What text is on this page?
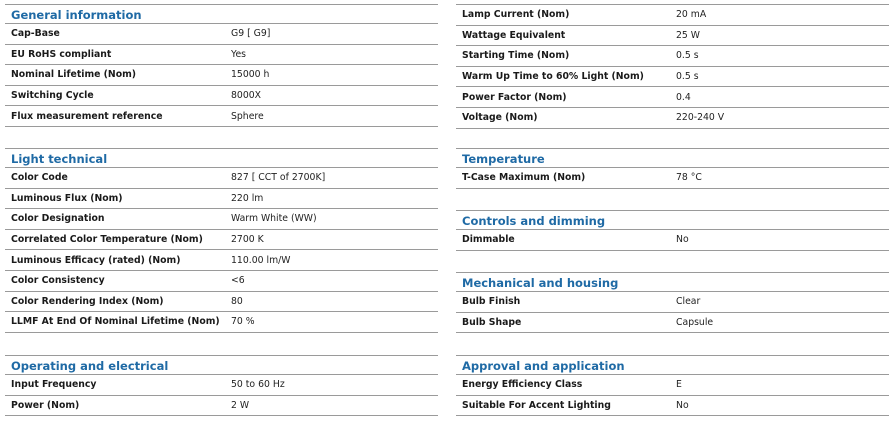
General information
Cap-Base	G9 [ G9]
EU RoHS compliant	Yes
Nominal Lifetime (Nom)	15000 h
Switching Cycle	8000X
Flux measurement reference	Sphere
Light technical
Color Code	827 [ CCT of 2700K]
Luminous Flux (Nom)	220 lm
Color Designation	Warm White (WW)
Correlated Color Temperature (Nom)	2700 K
Luminous Efficacy (rated) (Nom)	110.00 lm/W
Color Consistency	<6
Color Rendering Index (Nom)	80
LLMF At End Of Nominal Lifetime (Nom)	70 %
Operating and electrical
Input Frequency	50 to 60 Hz
Power (Nom)	2 W
Lamp Current (Nom)	20 mA
Wattage Equivalent	25 W
Starting Time (Nom)	0.5 s
Warm Up Time to 60% Light (Nom)	0.5 s
Power Factor (Nom)	0.4
Voltage (Nom)	220-240 V
Temperature
T-Case Maximum (Nom)	78 °C
Controls and dimming
Dimmable	No
Mechanical and housing
Bulb Finish	Clear
Bulb Shape	Capsule
Approval and application
Energy Efficiency Class	E
Suitable For Accent Lighting	No
